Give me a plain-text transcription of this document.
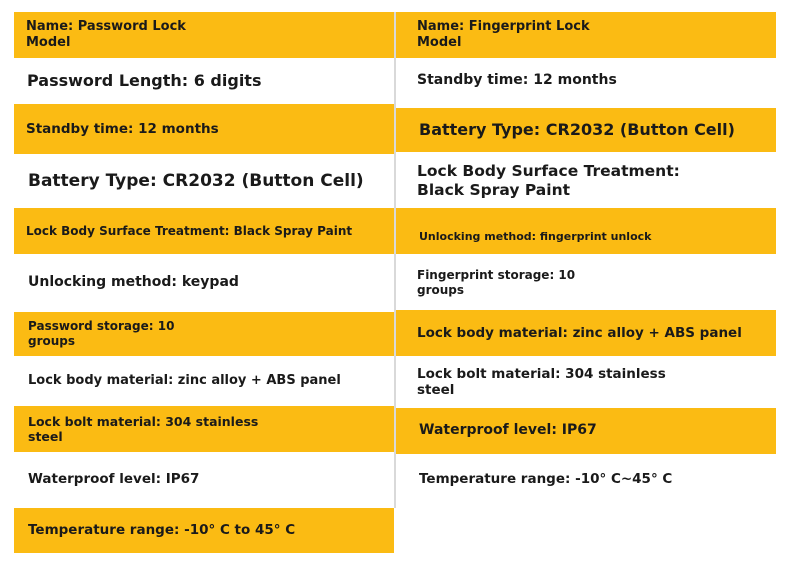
Name: Password Lock
Model
Password Length: 6 digits
Standby time: 12 months
Battery Type: CR2032 (Button Cell)
Lock Body Surface Treatment: Black Spray Paint
Unlocking method: keypad
Password storage: 10
groups
Lock body material: zinc alloy + ABS panel
Lock bolt material: 304 stainless
steel
Waterproof level: IP67
Temperature range: -10° C to 45° C
Name: Fingerprint Lock
Model
Standby time: 12 months
Battery Type: CR2032 (Button Cell)
Lock Body Surface Treatment:
Black Spray Paint
Unlocking method: fingerprint unlock
Fingerprint storage: 10
groups
Lock body material: zinc alloy + ABS panel
Lock bolt material: 304 stainless
steel
Waterproof level: IP67
Temperature range: -10° C~45° C
